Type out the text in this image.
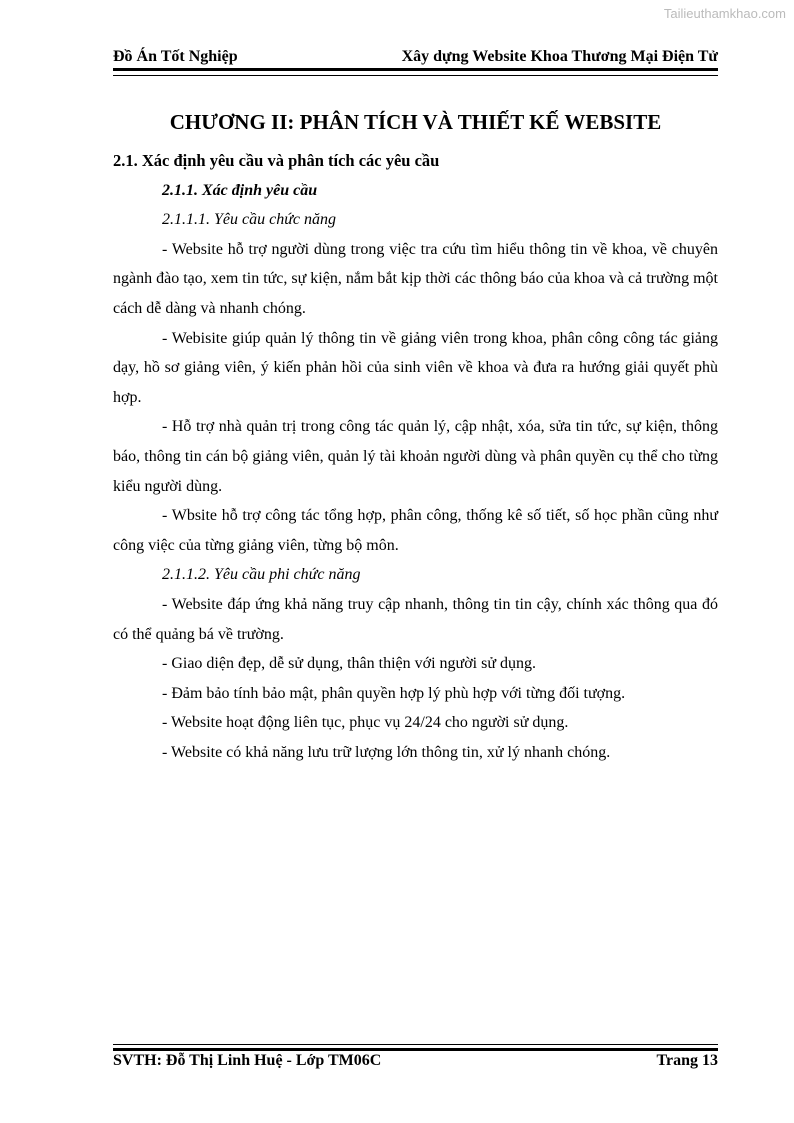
Tailieuthamkhao.com
Đồ Án Tốt Nghiệp	Xây dựng Website Khoa Thương Mại Điện Tử
CHƯƠNG II: PHÂN TÍCH VÀ THIẾT KẾ WEBSITE
2.1. Xác định yêu cầu và phân tích các yêu cầu
2.1.1. Xác định yêu cầu
2.1.1.1. Yêu cầu chức năng

- Website hỗ trợ người dùng trong việc tra cứu tìm hiểu thông tin về khoa, về chuyên ngành đào tạo, xem tin tức, sự kiện, nắm bắt kịp thời các thông báo của khoa và cả trường một cách dễ dàng và nhanh chóng.

- Webisite giúp quản lý thông tin về giảng viên trong khoa, phân công công tác giảng dạy, hồ sơ giảng viên, ý kiến phản hồi của sinh viên về khoa và đưa ra hướng giải quyết phù hợp.

- Hỗ trợ nhà quản trị trong công tác quản lý, cập nhật, xóa, sửa tin tức, sự kiện, thông báo, thông tin cán bộ giảng viên, quản lý tài khoản người dùng và phân quyền cụ thể cho từng kiểu người dùng.

- Wbsite hỗ trợ công tác tổng hợp, phân công, thống kê số tiết, số học phần cũng như công việc của từng giảng viên, từng bộ môn.

2.1.1.2. Yêu cầu phi chức năng

- Website đáp ứng khả năng truy cập nhanh, thông tin tin cậy, chính xác thông qua đó có thể quảng bá về trường.

- Giao diện đẹp, dễ sử dụng, thân thiện với người sử dụng.

- Đảm bảo tính bảo mật, phân quyền hợp lý phù hợp với từng đối tượng.

- Website hoạt động liên tục, phục vụ 24/24 cho người sử dụng.

- Website có khả năng lưu trữ lượng lớn thông tin, xử lý nhanh chóng.

SVTH: Đỗ Thị Linh Huệ - Lớp TM06C	Trang 13
